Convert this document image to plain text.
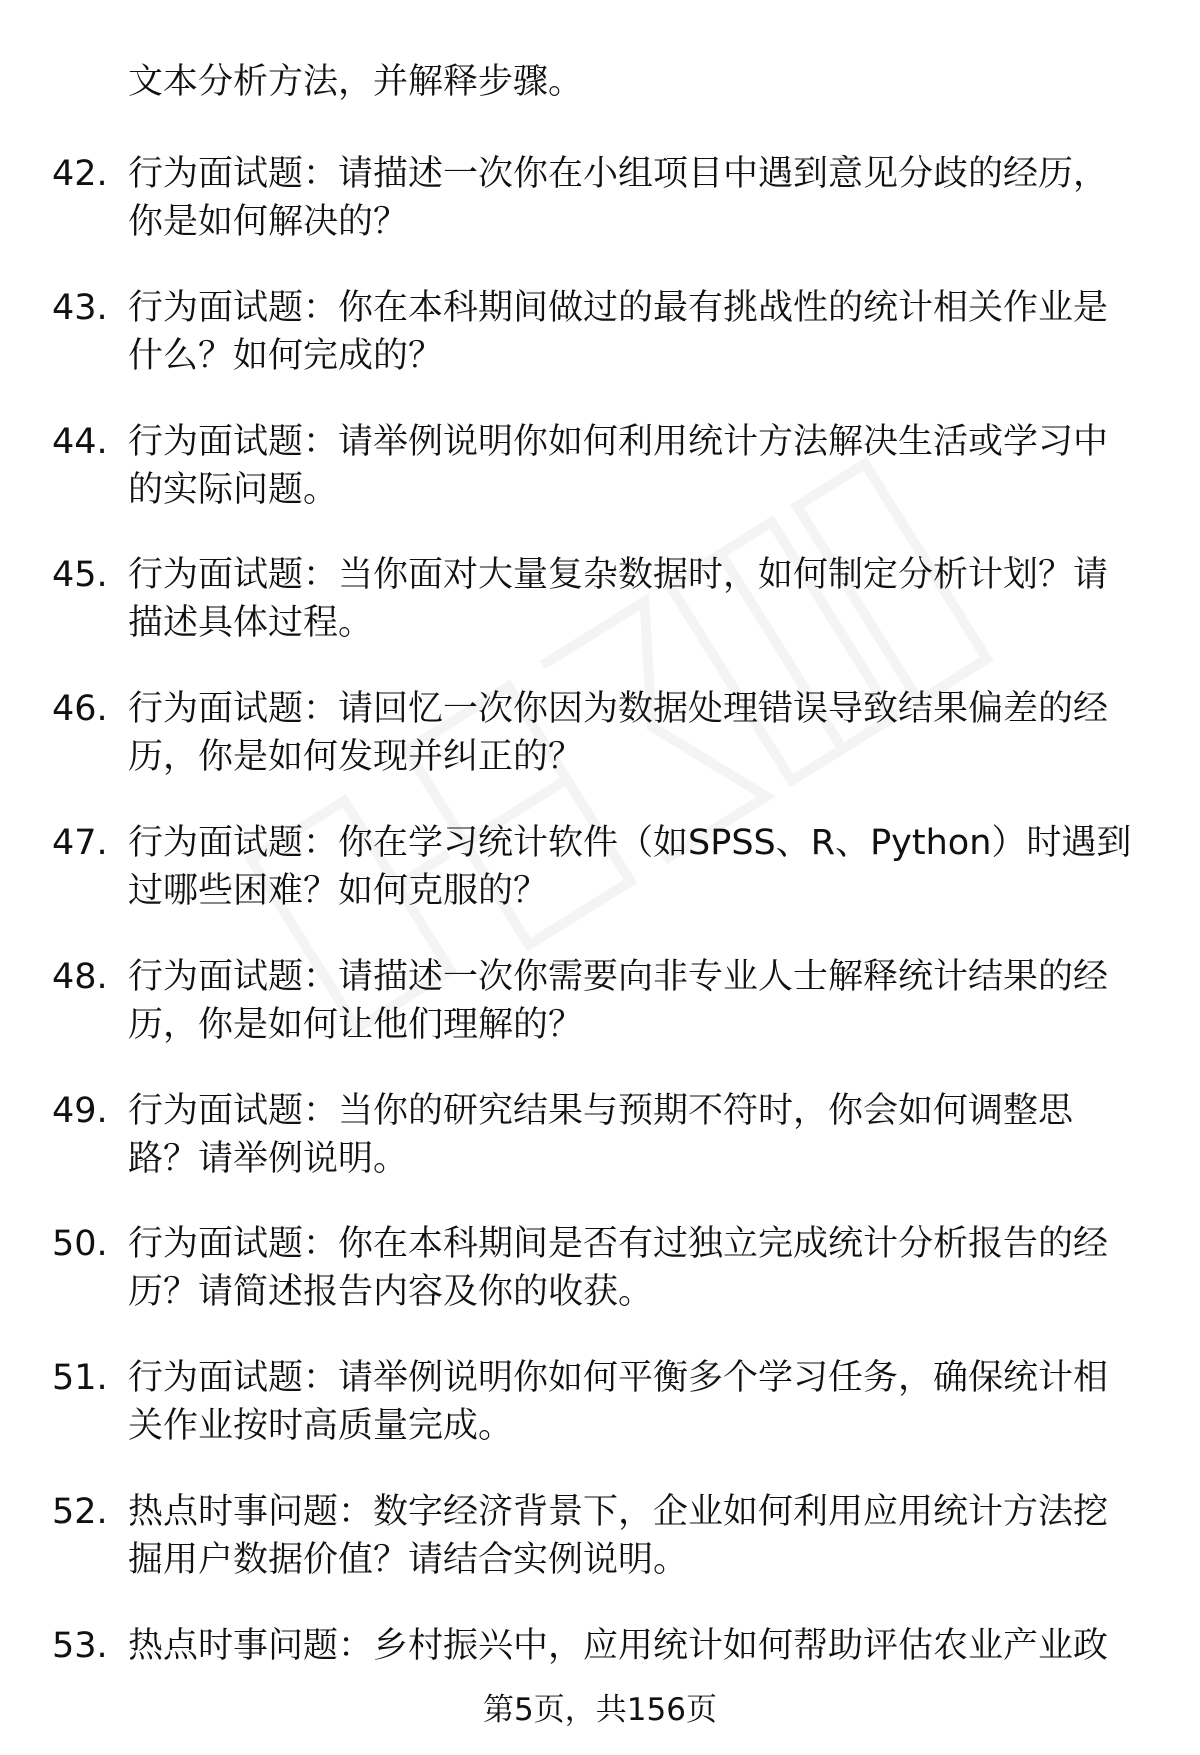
文本分析方法，并解释步骤。

42. 行为面试题：请描述一次你在小组项目中遇到意见分歧的经历，
你是如何解决的？
43. 行为面试题：你在本科期间做过的最有挑战性的统计相关作业是
什么？如何完成的？
44. 行为面试题：请举例说明你如何利用统计方法解决生活或学习中
的实际问题。
45. 行为面试题：当你面对大量复杂数据时，如何制定分析计划？请
描述具体过程。
46. 行为面试题：请回忆一次你因为数据处理错误导致结果偏差的经
历，你是如何发现并纠正的？
47. 行为面试题：你在学习统计软件（如SPSS、R、Python）时遇到
过哪些困难？如何克服的？
48. 行为面试题：请描述一次你需要向非专业人士解释统计结果的经
历，你是如何让他们理解的？
49. 行为面试题：当你的研究结果与预期不符时，你会如何调整思
路？请举例说明。
50. 行为面试题：你在本科期间是否有过独立完成统计分析报告的经
历？请简述报告内容及你的收获。
51. 行为面试题：请举例说明你如何平衡多个学习任务，确保统计相
关作业按时高质量完成。
52. 热点时事问题：数字经济背景下，企业如何利用应用统计方法挖
掘用户数据价值？请结合实例说明。
53. 热点时事问题：乡村振兴中，应用统计如何帮助评估农业产业政
第5页，共156页
